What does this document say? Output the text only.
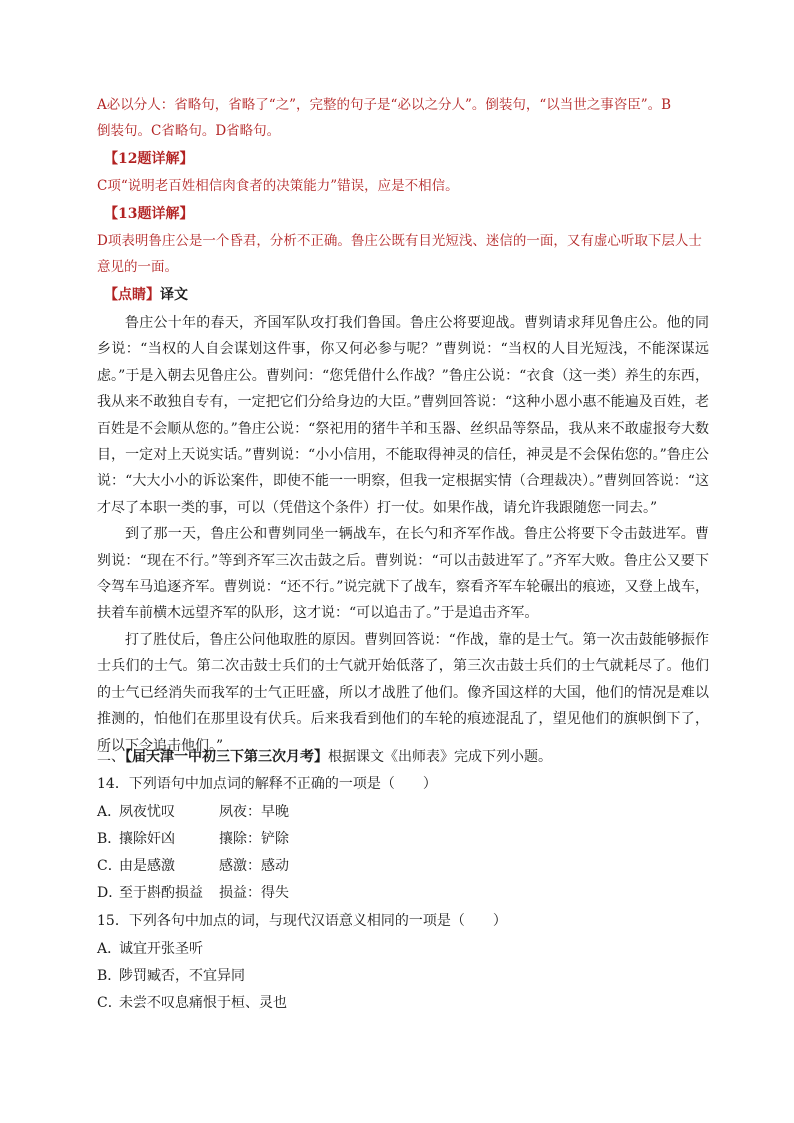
A必以分人：省略句，省略了“之”，完整的句子是“必以之分人”。倒装句，“以当世之事咨臣”。B
倒装句。C省略句。D省略句。
【12题详解】
C项“说明老百姓相信肉食者的决策能力”错误，应是不相信。
【13题详解】
D项表明鲁庄公是一个昏君，分析不正确。鲁庄公既有目光短浅、迷信的一面，又有虚心听取下层人士
意见的一面。
【点睛】译文

鲁庄公十年的春天，齐国军队攻打我们鲁国。鲁庄公将要迎战。曹刿请求拜见鲁庄公。他的同乡说：“当权的人自会谋划这件事，你又何必参与呢？”曹刿说：“当权的人目光短浅，不能深谋远虑。”于是入朝去见鲁庄公。曹刿问：“您凭借什么作战？”鲁庄公说：“衣食（这一类）养生的东西，我从来不敢独自专有，一定把它们分给身边的大臣。”曹刿回答说：“这种小恩小惠不能遍及百姓，老百姓是不会顺从您的。”鲁庄公说：“祭祀用的猪牛羊和玉器、丝织品等祭品，我从来不敢虚报夸大数目，一定对上天说实话。”曹刿说：“小小信用，不能取得神灵的信任，神灵是不会保佑您的。”鲁庄公说：“大大小小的诉讼案件，即使不能一一明察，但我一定根据实情（合理裁决）。”曹刿回答说：“这才尽了本职一类的事，可以（凭借这个条件）打一仗。如果作战，请允许我跟随您一同去。”

到了那一天，鲁庄公和曹刿同坐一辆战车，在长勺和齐军作战。鲁庄公将要下令击鼓进军。曹刿说：“现在不行。”等到齐军三次击鼓之后。曹刿说：“可以击鼓进军了。”齐军大败。鲁庄公又要下令驾车马追逐齐军。曹刿说：“还不行。”说完就下了战车，察看齐军车轮碾出的痕迹，又登上战车，扶着车前横木远望齐军的队形，这才说：“可以追击了。”于是追击齐军。

打了胜仗后，鲁庄公问他取胜的原因。曹刿回答说：“作战，靠的是士气。第一次击鼓能够振作士兵们的士气。第二次击鼓士兵们的士气就开始低落了，第三次击鼓士兵们的士气就耗尽了。他们的士气已经消失而我军的士气正旺盛，所以才战胜了他们。像齐国这样的大国，他们的情况是难以推测的，怕他们在那里设有伏兵。后来我看到他们的车轮的痕迹混乱了，望见他们的旗帜倒下了，所以下令追击他们。”

二、【届天津一中初三下第三次月考】根据课文《出师表》完成下列小题。
14．下列语句中加点词的解释不正确的一项是（　　）
A．夙夜忧叹	夙夜：早晚
B．攘除奸凶	攘除：铲除
C．由是感激	感激：感动
D．至于斟酌损益 损益：得失
15．下列各句中加点的词，与现代汉语意义相同的一项是（　　）
A．诚宜开张圣听
B．陟罚臧否，不宜异同
C．未尝不叹息痛恨于桓、灵也
